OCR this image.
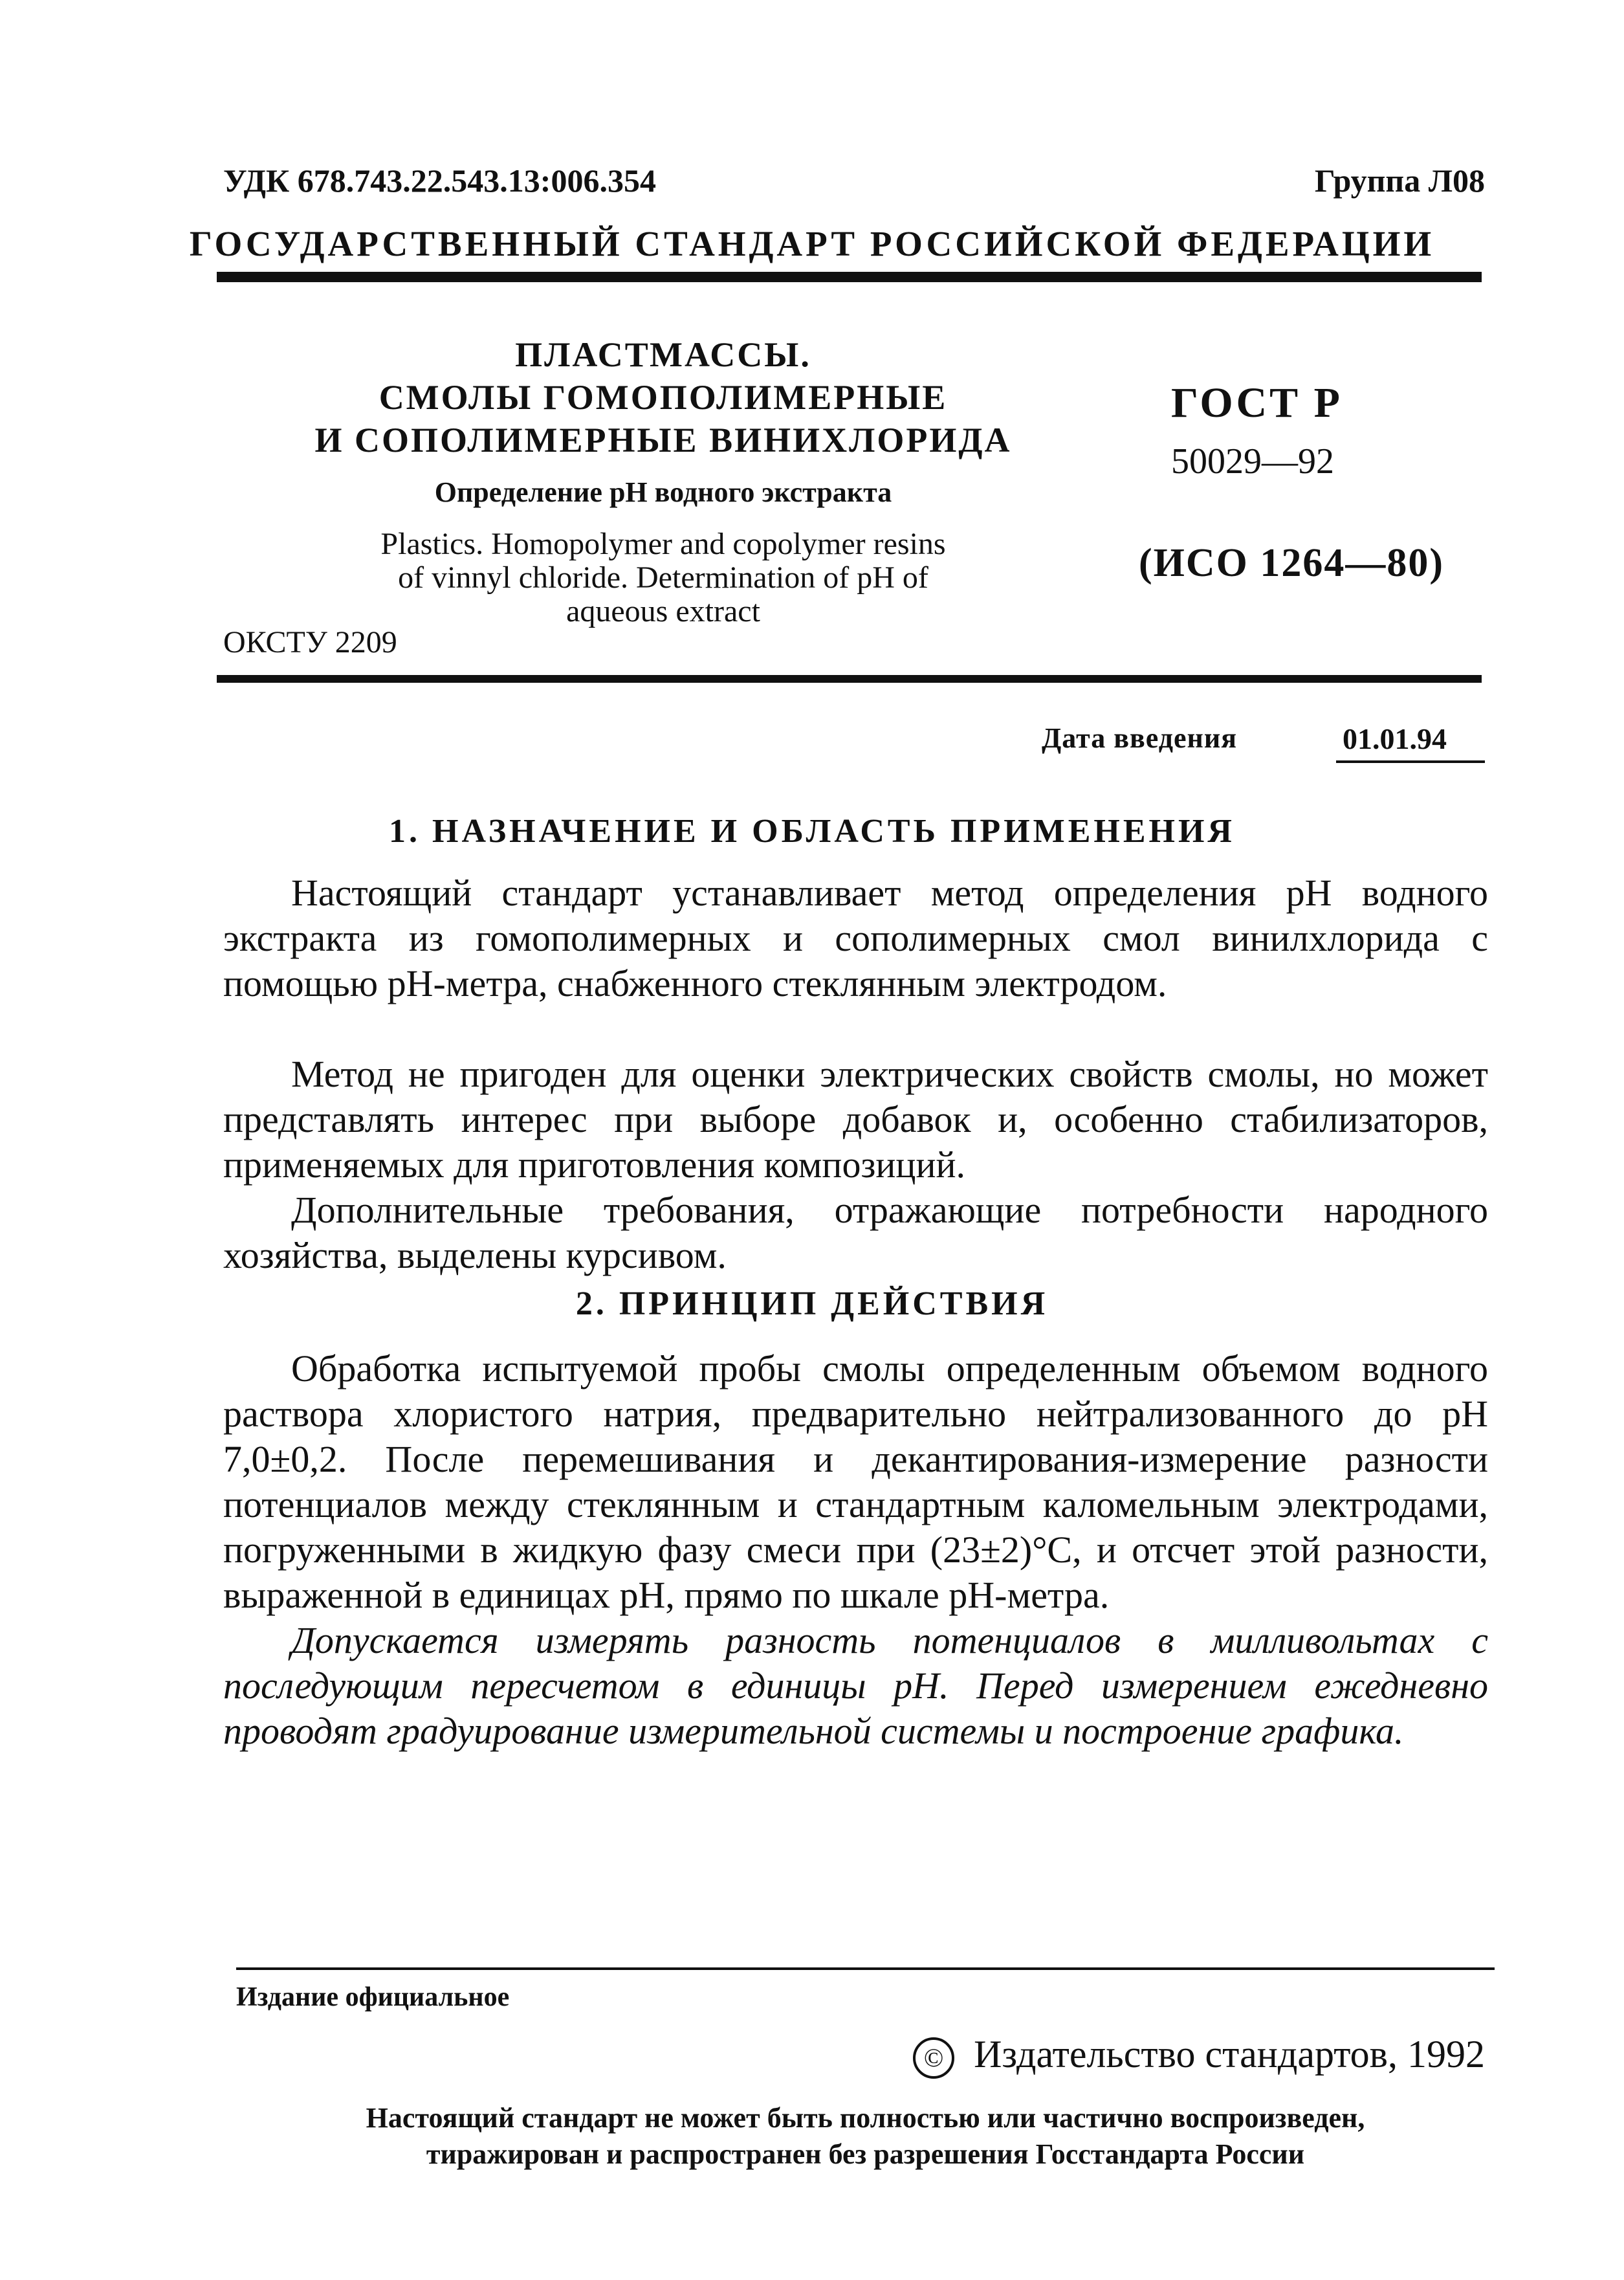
УДК 678.743.22.543.13:006.354	Группа Л08
ГОСУДАРСТВЕННЫЙ СТАНДАРТ РОССИЙСКОЙ ФЕДЕРАЦИИ
ПЛАСТМАССЫ.
СМОЛЫ ГОМОПОЛИМЕРНЫЕ
И СОПОЛИМЕРНЫЕ ВИНИХЛОРИДА
Определение рН водного экстракта
Plastics. Homopolymer and copolymer resins
of vinnyl chloride. Determination of pH of
aqueous extract
ОКСТУ 2209
ГОСТ Р
50029—92
(ИСО 1264—80)
Дата введения	01.01.94
1. НАЗНАЧЕНИЕ И ОБЛАСТЬ ПРИМЕНЕНИЯ
Настоящий стандарт устанавливает метод определения рН водного экстракта из гомополимерных и сополимерных смол винилхлорида с помощью рН-метра, снабженного стеклянным электродом.
Метод не пригоден для оценки электрических свойств смолы, но может представлять интерес при выборе добавок и, особенно стабилизаторов, применяемых для приготовления композиций.
Дополнительные требования, отражающие потребности народного хозяйства, выделены курсивом.
2. ПРИНЦИП ДЕЙСТВИЯ
Обработка испытуемой пробы смолы определенным объемом водного раствора хлористого натрия, предварительно нейтрализованного до рН 7,0±0,2. После перемешивания и декантирования-измерение разности потенциалов между стеклянным и стандартным каломельным электродами, погруженными в жидкую фазу смеси при (23±2)°С, и отсчет этой разности, выраженной в единицах рН, прямо по шкале рН-метра.
Допускается измерять разность потенциалов в милливольтах с последующим пересчетом в единицы рН. Перед измерением ежедневно проводят градуирование измерительной системы и построение графика.
Издание официальное
© Издательство стандартов, 1992
Настоящий стандарт не может быть полностью или частично воспроизведен,
тиражирован и распространен без разрешения Госстандарта России
